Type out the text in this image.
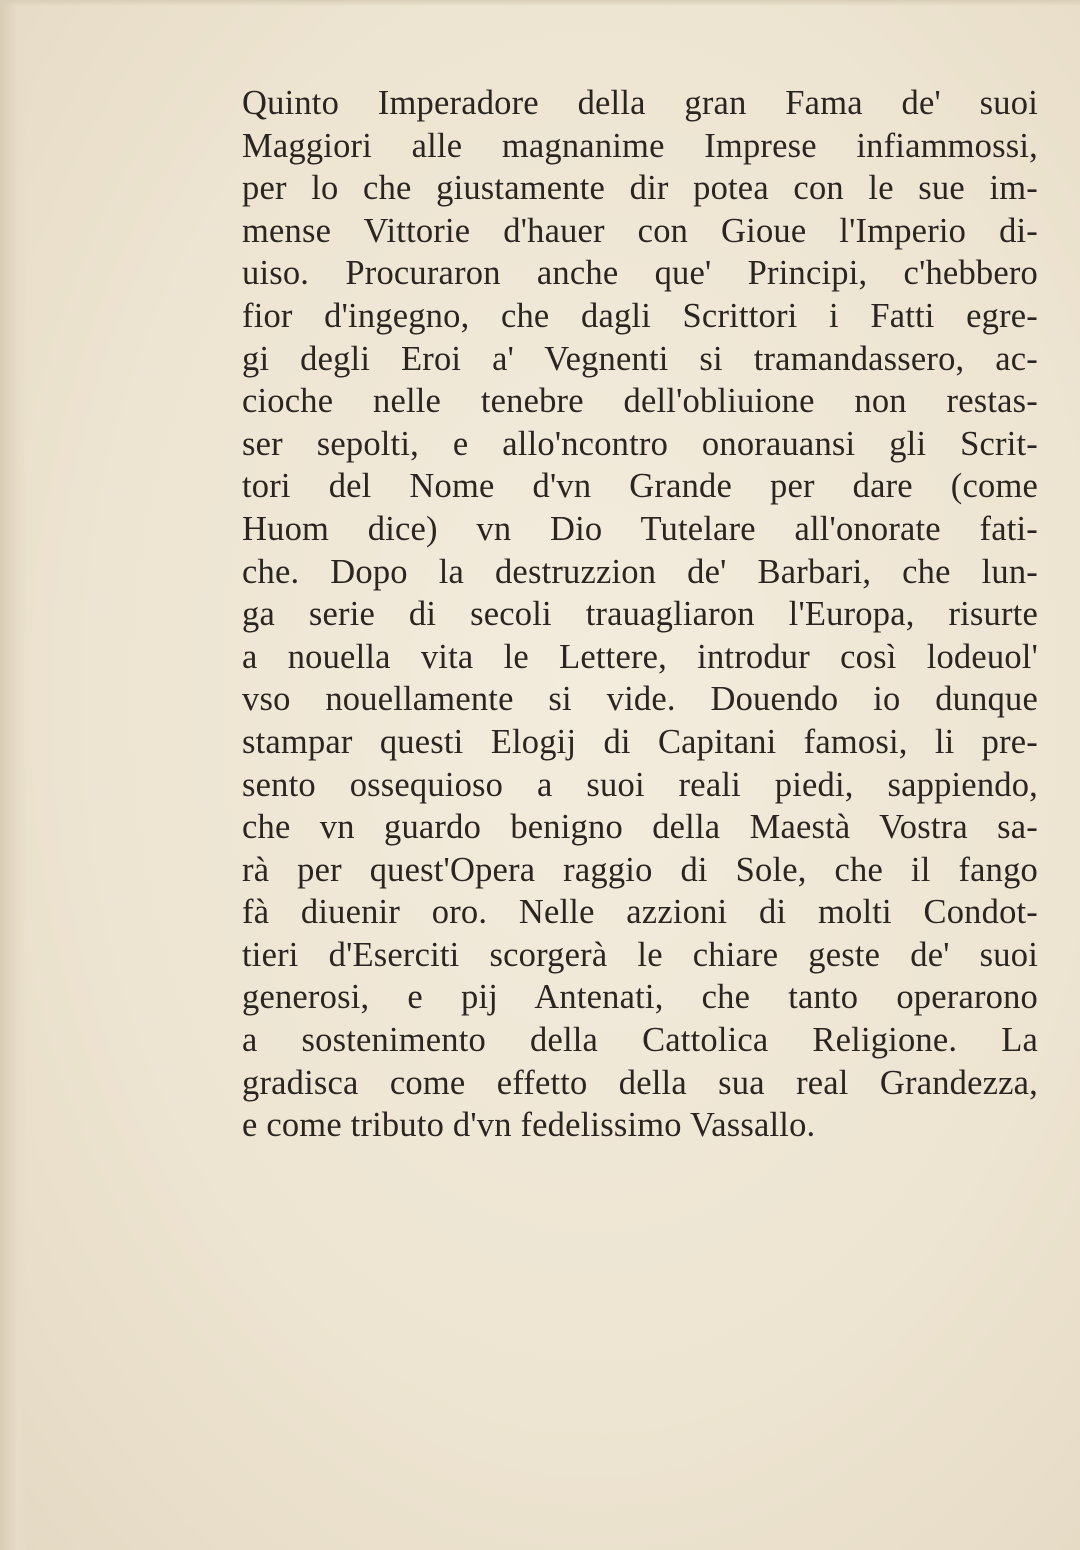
Quinto Imperadore della gran Fama de' suoi
Maggiori alle magnanime Imprese infiammossi,
per lo che giustamente dir potea con le sue im-
mense Vittorie d'hauer con Gioue l'Imperio di-
uiso. Procuraron anche que' Principi, c'hebbero
fior d'ingegno, che dagli Scrittori i Fatti egre-
gi degli Eroi a' Vegnenti si tramandassero, ac-
cioche nelle tenebre dell'obliuione non restas-
ser sepolti, e allo'ncontro onorauansi gli Scrit-
tori del Nome d'vn Grande per dare (come
Huom dice) vn Dio Tutelare all'onorate fati-
che. Dopo la destruzzion de' Barbari, che lun-
ga serie di secoli trauagliaron l'Europa, risurte
a nouella vita le Lettere, introdur così lodeuol'
vso nouellamente si vide. Douendo io dunque
stampar questi Elogij di Capitani famosi, li pre-
sento ossequioso a suoi reali piedi, sappiendo,
che vn guardo benigno della Maestà Vostra sa-
rà per quest'Opera raggio di Sole, che il fango
fà diuenir oro. Nelle azzioni di molti Condot-
tieri d'Eserciti scorgerà le chiare geste de' suoi
generosi, e pij Antenati, che tanto operarono
a sostenimento della Cattolica Religione. La
gradisca come effetto della sua real Grandezza,
e come tributo d'vn fedelissimo Vassallo.
